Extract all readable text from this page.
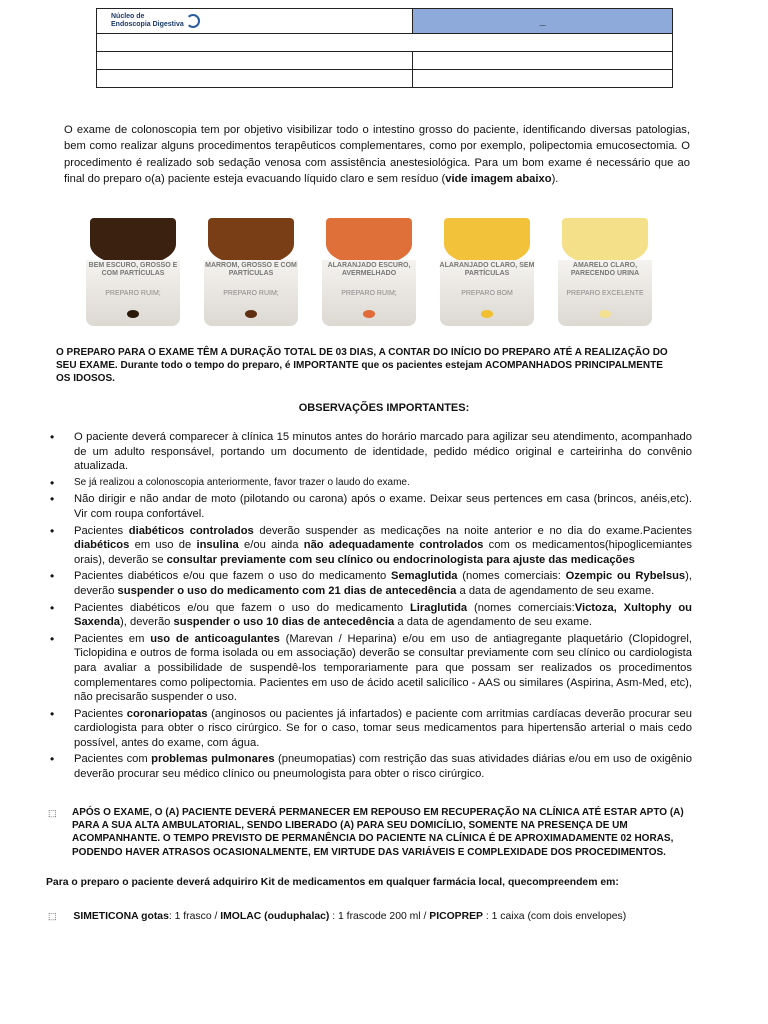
Núcleo de
Endoscopia Digestiva	_

O exame de colonoscopia tem por objetivo visibilizar todo o intestino grosso do paciente, identificando diversas patologias, bem como realizar alguns procedimentos terapêuticos complementares, como por exemplo, polipectomia emucosectomia. O procedimento é realizado sob sedação venosa com assistência anestesiológica. Para um bom exame é necessário que ao final do preparo o(a) paciente esteja evacuando líquido claro e sem resíduo (vide imagem abaixo).
BEM ESCURO, GROSSO E COM PARTÍCULAS
PREPARO RUIM;
MARROM, GROSSO E COM PARTÍCULAS
PREPARO RUIM;
ALARANJADO ESCURO, AVERMELHADO
PREPARO RUIM;
ALARANJADO CLARO, SEM PARTÍCULAS
PREPARO BOM
AMARELO CLARO, PARECENDO URINA
PREPARO EXCELENTE
O PREPARO PARA O EXAME TÊM A DURAÇÃO TOTAL DE 03 DIAS, A CONTAR DO INÍCIO DO PREPARO ATÉ A REALIZAÇÃO DO SEU EXAME. Durante todo o tempo do preparo, é IMPORTANTE que os pacientes estejam ACOMPANHADOS PRINCIPALMENTE OS IDOSOS.
OBSERVAÇÕES IMPORTANTES:
• O paciente deverá comparecer à clínica 15 minutos antes do horário marcado para agilizar seu atendimento, acompanhado de um adulto responsável, portando um documento de identidade, pedido médico original e carteirinha do convênio atualizada.
• Se já realizou a colonoscopia anteriormente, favor trazer o laudo do exame.
• Não dirigir e não andar de moto (pilotando ou carona) após o exame. Deixar seus pertences em casa (brincos, anéis,etc). Vir com roupa confortável.
• Pacientes diabéticos controlados deverão suspender as medicações na noite anterior e no dia do exame.Pacientes diabéticos em uso de insulina e/ou ainda não adequadamente controlados com os medicamentos(hipoglicemiantes orais), deverão se consultar previamente com seu clínico ou endocrinologista para ajuste das medicações
• Pacientes diabéticos e/ou que fazem o uso do medicamento Semaglutida (nomes comerciais: Ozempic ou Rybelsus), deverão suspender o uso do medicamento com 21 dias de antecedência a data de agendamento de seu exame.
• Pacientes diabéticos e/ou que fazem o uso do medicamento Liraglutida (nomes comerciais:Victoza, Xultophy ou Saxenda), deverão suspender o uso 10 dias de antecedência a data de agendamento de seu exame.
• Pacientes em uso de anticoagulantes (Marevan / Heparina) e/ou em uso de antiagregante plaquetário (Clopidogrel, Ticlopidina e outros de forma isolada ou em associação) deverão se consultar previamente com seu clínico ou cardiologista para avaliar a possibilidade de suspendê-los temporariamente para que possam ser realizados os procedimentos complementares como polipectomia. Pacientes em uso de ácido acetil salicílico - AAS ou similares (Aspirina, Asm-Med, etc), não precisarão suspender o uso.
• Pacientes coronariopatas (anginosos ou pacientes já infartados) e paciente com arritmias cardíacas deverão procurar seu cardiologista para obter o risco cirúrgico. Se for o caso, tomar seus medicamentos para hipertensão arterial o mais cedo possível, antes do exame, com água.
• Pacientes com problemas pulmonares (pneumopatias) com restrição das suas atividades diárias e/ou em uso de oxigênio deverão procurar seu médico clínico ou pneumologista para obter o risco cirúrgico.
⬚	APÓS O EXAME, O (A) PACIENTE DEVERÁ PERMANECER EM REPOUSO EM RECUPERAÇÃO NA CLÍNICA ATÉ ESTAR APTO (A) PARA A SUA ALTA AMBULATORIAL, SENDO LIBERADO (A) PARA SEU DOMICÍLIO, SOMENTE NA PRESENÇA DE UM ACOMPANHANTE. O TEMPO PREVISTO DE PERMANÊNCIA DO PACIENTE NA CLÍNICA É DE APROXIMADAMENTE 02 HORAS, PODENDO HAVER ATRASOS OCASIONALMENTE, EM VIRTUDE DAS VARIÁVEIS E COMPLEXIDADE DOS PROCEDIMENTOS.
Para o preparo o paciente deverá adquiriro Kit de medicamentos em qualquer farmácia local, quecompreendem em:
⬚ SIMETICONA gotas: 1 frasco / IMOLAC (ouduphalac) : 1 frascode 200 ml / PICOPREP : 1 caixa (com dois envelopes)
